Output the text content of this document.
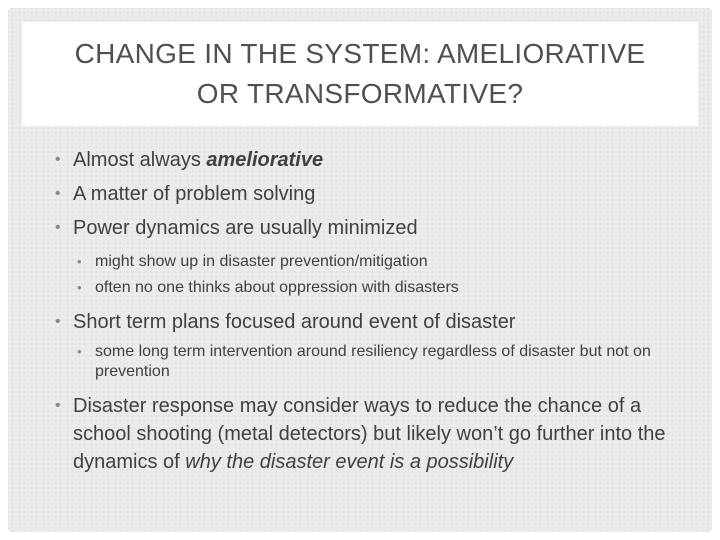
CHANGE IN THE SYSTEM: AMELIORATIVE
OR TRANSFORMATIVE?
• Almost always ameliorative
• A matter of problem solving
• Power dynamics are usually minimized
• might show up in disaster prevention/mitigation
• often no one thinks about oppression with disasters
• Short term plans focused around event of disaster
• some long term intervention around resiliency regardless of disaster but not on prevention
• Disaster response may consider ways to reduce the chance of a school shooting (metal detectors) but likely won’t go further into the dynamics of why the disaster event is a possibility
